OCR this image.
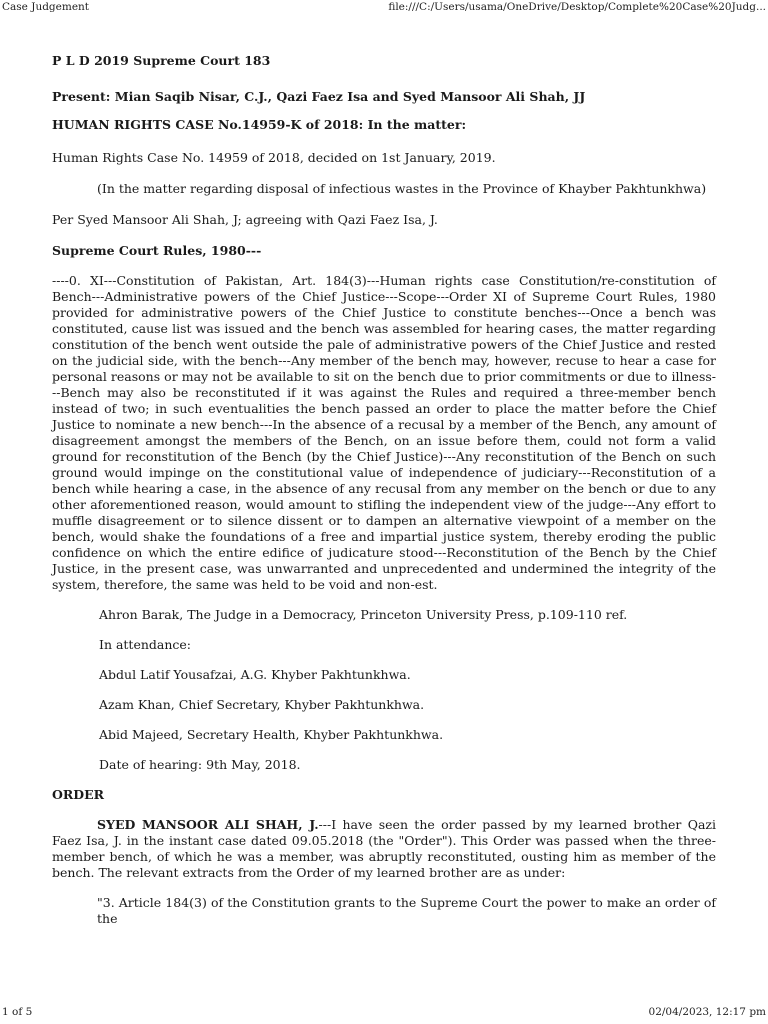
Case Judgement	file:///C:/Users/usama/OneDrive/Desktop/Complete%20Case%20Judg...

P L D 2019 Supreme Court 183

Present: Mian Saqib Nisar, C.J., Qazi Faez Isa and Syed Mansoor Ali Shah, JJ

HUMAN RIGHTS CASE No.14959-K of 2018: In the matter:

Human Rights Case No. 14959 of 2018, decided on 1st January, 2019.

(In the matter regarding disposal of infectious wastes in the Province of Khayber Pakhtunkhwa)

Per Syed Mansoor Ali Shah, J; agreeing with Qazi Faez Isa, J.

Supreme Court Rules, 1980---

----0. XI---Constitution of Pakistan, Art. 184(3)---Human rights case Constitution/re-constitution of Bench---Administrative powers of the Chief Justice---Scope---Order XI of Supreme Court Rules, 1980 provided for administrative powers of the Chief Justice to constitute benches---Once a bench was constituted, cause list was issued and the bench was assembled for hearing cases, the matter regarding constitution of the bench went outside the pale of administrative powers of the Chief Justice and rested on the judicial side, with the bench---Any member of the bench may, however, recuse to hear a case for personal reasons or may not be available to sit on the bench due to prior commitments or due to illness---Bench may also be reconstituted if it was against the Rules and required a three-member bench instead of two; in such eventualities the bench passed an order to place the matter before the Chief Justice to nominate a new bench---In the absence of a recusal by a member of the Bench, any amount of disagreement amongst the members of the Bench, on an issue before them, could not form a valid ground for reconstitution of the Bench (by the Chief Justice)---Any reconstitution of the Bench on such ground would impinge on the constitutional value of independence of judiciary---Reconstitution of a bench while hearing a case, in the absence of any recusal from any member on the bench or due to any other aforementioned reason, would amount to stifling the independent view of the judge---Any effort to muffle disagreement or to silence dissent or to dampen an alternative viewpoint of a member on the bench, would shake the foundations of a free and impartial justice system, thereby eroding the public confidence on which the entire edifice of judicature stood---Reconstitution of the Bench by the Chief Justice, in the present case, was unwarranted and unprecedented and undermined the integrity of the system, therefore, the same was held to be void and non-est.

Ahron Barak, The Judge in a Democracy, Princeton University Press, p.109-110 ref.

In attendance:

Abdul Latif Yousafzai, A.G. Khyber Pakhtunkhwa.

Azam Khan, Chief Secretary, Khyber Pakhtunkhwa.

Abid Majeed, Secretary Health, Khyber Pakhtunkhwa.

Date of hearing: 9th May, 2018.

ORDER

SYED MANSOOR ALI SHAH, J.---I have seen the order passed by my learned brother Qazi Faez Isa, J. in the instant case dated 09.05.2018 (the "Order"). This Order was passed when the three-member bench, of which he was a member, was abruptly reconstituted, ousting him as member of the bench. The relevant extracts from the Order of my learned brother are as under:

"3. Article 184(3) of the Constitution grants to the Supreme Court the power to make an order of the

1 of 5	02/04/2023, 12:17 pm
